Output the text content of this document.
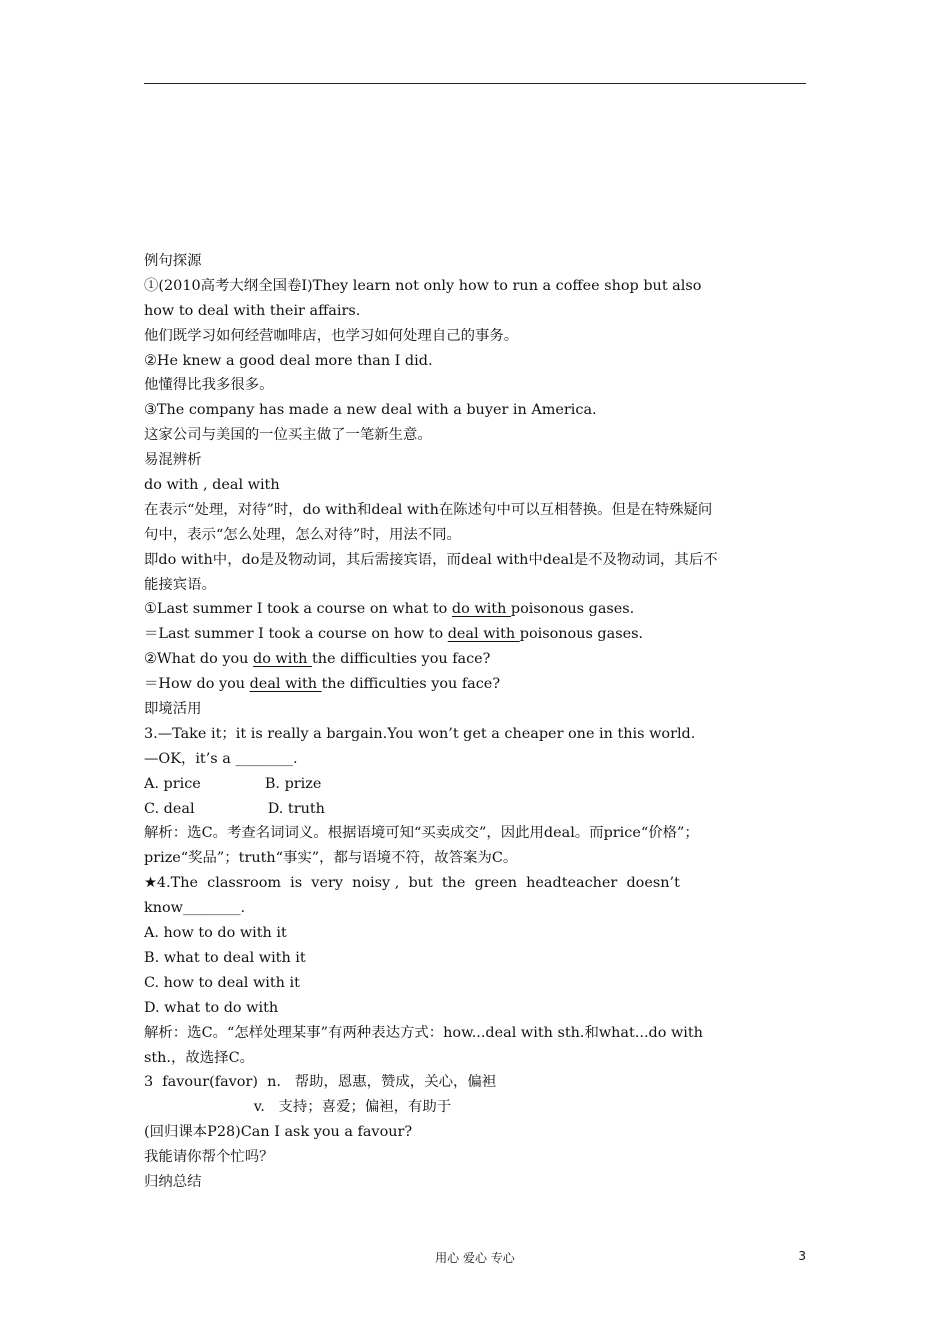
例句探源
①(2010高考大纲全国卷Ⅰ)They learn not only how to run a coffee shop but also
how to deal with their affairs.
他们既学习如何经营咖啡店，也学习如何处理自己的事务。
②He knew a good deal more than I did.
他懂得比我多很多。
③The company has made a new deal with a buyer in America.
这家公司与美国的一位买主做了一笔新生意。
易混辨析
do with , deal with
在表示“处理，对待”时，do with和deal with在陈述句中可以互相替换。但是在特殊疑问
句中，表示“怎么处理，怎么对待”时，用法不同。
即do with中，do是及物动词，其后需接宾语，而deal with中deal是不及物动词，其后不
能接宾语。
①Last summer I took a course on what to do with poisonous gases.
＝Last summer I took a course on how to deal with poisonous gases.
②What do you do with the difficulties you face?
＝How do you deal with the difficulties you face?
即境活用
3.—Take it；it is really a bargain.You won’t get a cheaper one in this world.
—OK，it’s a ________.
A. price              B. prize
C. deal                D. truth
解析：选C。考查名词词义。根据语境可知“买卖成交”，因此用deal。而price“价格”；
prize“奖品”；truth“事实”，都与语境不符，故答案为C。
★4.The  classroom  is  very  noisy ,  but  the  green  headteacher  doesn’t
know________.
A. how to do with it
B. what to deal with it
C. how to deal with it
D. what to do with
解析：选C。“怎样处理某事”有两种表达方式：how...deal with sth.和what...do with
sth.，故选择C。
3  favour(favor)  n.   帮助，恩惠，赞成，关心，偏袒
v.   支持；喜爱；偏袒，有助于
(回归课本P28)Can I ask you a favour?
我能请你帮个忙吗？
归纳总结
用心 爱心 专心	3
